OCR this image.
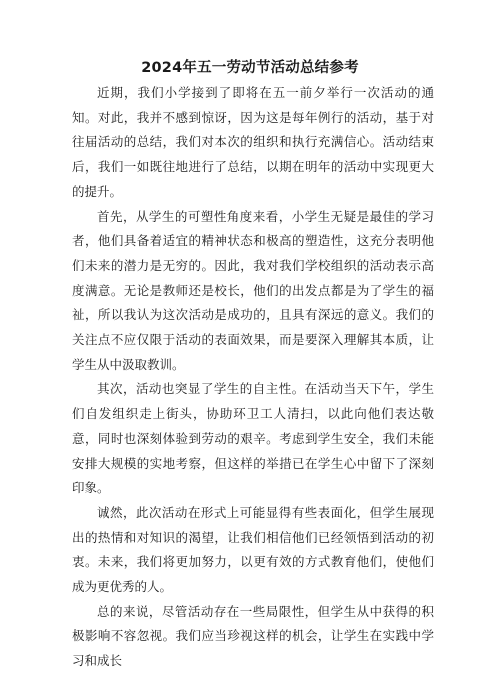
2024年五一劳动节活动总结参考

近期，我们小学接到了即将在五一前夕举行一次活动的通知。对此，我并不感到惊讶，因为这是每年例行的活动，基于对往届活动的总结，我们对本次的组织和执行充满信心。活动结束后，我们一如既往地进行了总结，以期在明年的活动中实现更大的提升。

首先，从学生的可塑性角度来看，小学生无疑是最佳的学习者，他们具备着适宜的精神状态和极高的塑造性，这充分表明他们未来的潜力是无穷的。因此，我对我们学校组织的活动表示高度满意。无论是教师还是校长，他们的出发点都是为了学生的福祉，所以我认为这次活动是成功的，且具有深远的意义。我们的关注点不应仅限于活动的表面效果，而是要深入理解其本质，让学生从中汲取教训。

其次，活动也突显了学生的自主性。在活动当天下午，学生们自发组织走上街头，协助环卫工人清扫，以此向他们表达敬意，同时也深刻体验到劳动的艰辛。考虑到学生安全，我们未能安排大规模的实地考察，但这样的举措已在学生心中留下了深刻印象。

诚然，此次活动在形式上可能显得有些表面化，但学生展现出的热情和对知识的渴望，让我们相信他们已经领悟到活动的初衷。未来，我们将更加努力，以更有效的方式教育他们，使他们成为更优秀的人。

总的来说，尽管活动存在一些局限性，但学生从中获得的积极影响不容忽视。我们应当珍视这样的机会，让学生在实践中学习和成长
